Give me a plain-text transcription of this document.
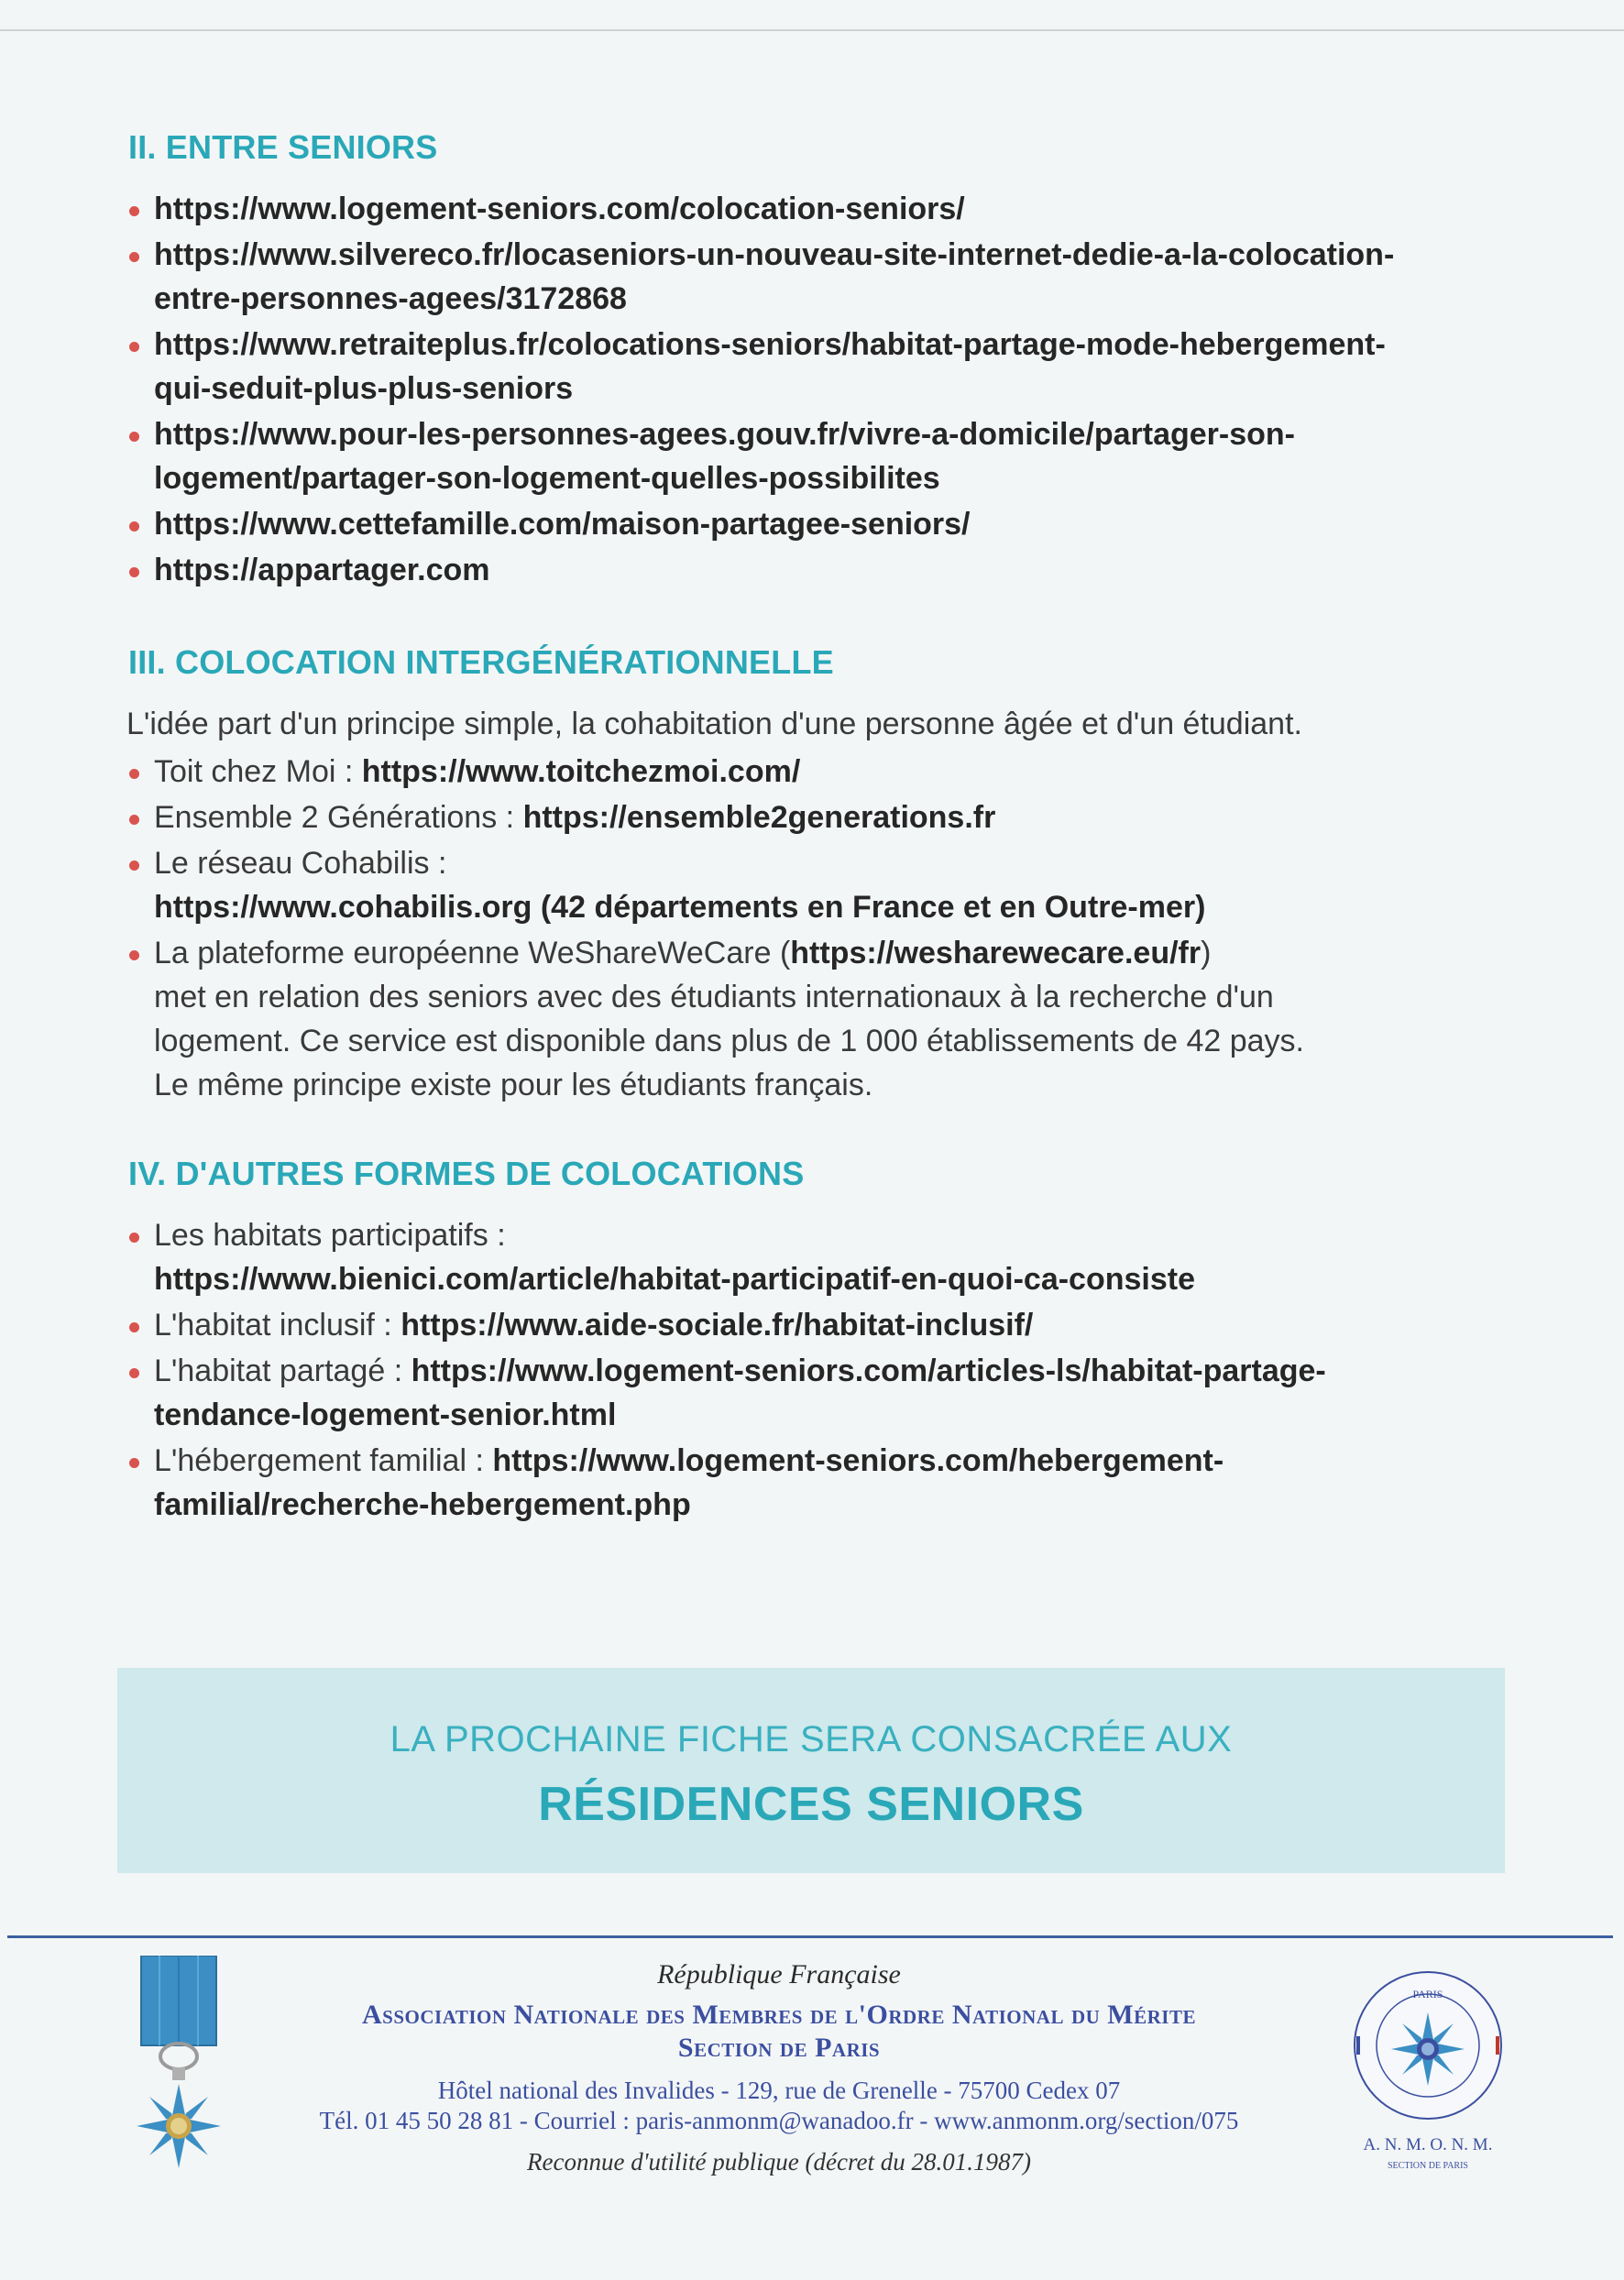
II. ENTRE SENIORS
https://www.logement-seniors.com/colocation-seniors/
https://www.silvereco.fr/locaseniors-un-nouveau-site-internet-dedie-a-la-colocation-
entre-personnes-agees/3172868
https://www.retraiteplus.fr/colocations-seniors/habitat-partage-mode-hebergement-
qui-seduit-plus-plus-seniors
https://www.pour-les-personnes-agees.gouv.fr/vivre-a-domicile/partager-son-
logement/partager-son-logement-quelles-possibilites
https://www.cettefamille.com/maison-partagee-seniors/
https://appartager.com
III. COLOCATION INTERGÉNÉRATIONNELLE
L'idée part d'un principe simple, la cohabitation d'une personne âgée et d'un étudiant.
Toit chez Moi : https://www.toitchezmoi.com/
Ensemble 2 Générations : https://ensemble2generations.fr
Le réseau Cohabilis :
https://www.cohabilis.org (42 départements en France et en Outre-mer)
La plateforme européenne WeShareWeCare (https://wesharewecare.eu/fr)
met en relation des seniors avec des étudiants internationaux à la recherche d'un
logement. Ce service est disponible dans plus de 1 000 établissements de 42 pays.
Le même principe existe pour les étudiants français.
IV. D'AUTRES FORMES DE COLOCATIONS
Les habitats participatifs :
https://www.bienici.com/article/habitat-participatif-en-quoi-ca-consiste
L'habitat inclusif : https://www.aide-sociale.fr/habitat-inclusif/
L'habitat partagé : https://www.logement-seniors.com/articles-ls/habitat-partage-
tendance-logement-senior.html
L'hébergement familial : https://www.logement-seniors.com/hebergement-
familial/recherche-hebergement.php
LA PROCHAINE FICHE SERA CONSACRÉE AUX
RÉSIDENCES SENIORS
République Française
Association Nationale des Membres de l'Ordre National du Mérite
Section de Paris
Hôtel national des Invalides - 129, rue de Grenelle - 75700 Cedex 07
Tél. 01 45 50 28 81 - Courriel : paris-anmonm@wanadoo.fr - www.anmonm.org/section/075
Reconnue d'utilité publique (décret du 28.01.1987)
PARIS
A. N. M. O. N. M.
SECTION DE PARIS
